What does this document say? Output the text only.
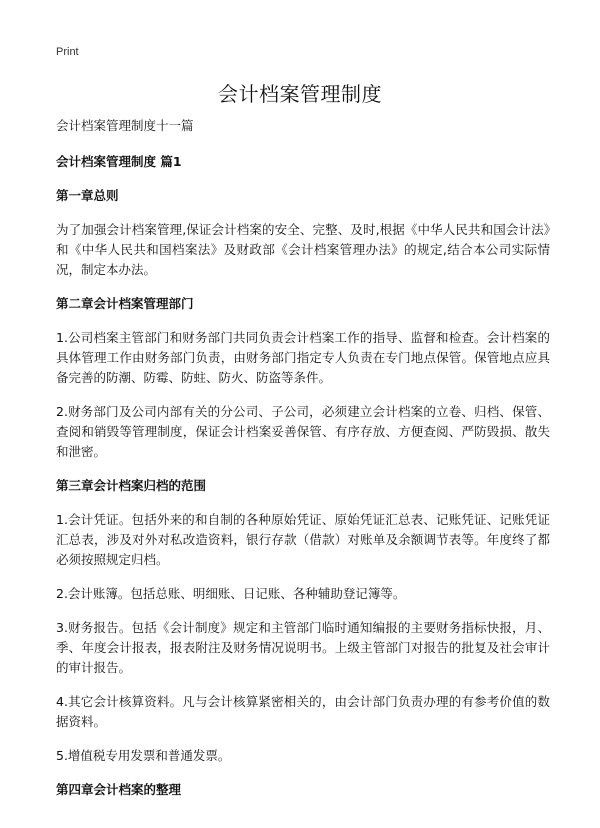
Print
会计档案管理制度

会计档案管理制度十一篇

会计档案管理制度 篇1

第一章总则

为了加强会计档案管理,保证会计档案的安全、完整、及时,根据《中华人民共和国会计法》和《中华人民共和国档案法》及财政部《会计档案管理办法》的规定,结合本公司实际情况，制定本办法。

第二章会计档案管理部门

1.公司档案主管部门和财务部门共同负责会计档案工作的指导、监督和检查。会计档案的具体管理工作由财务部门负责，由财务部门指定专人负责在专门地点保管。保管地点应具备完善的防潮、防霉、防蛀、防火、防盗等条件。

2.财务部门及公司内部有关的分公司、子公司，必须建立会计档案的立卷、归档、保管、查阅和销毁等管理制度，保证会计档案妥善保管、有序存放、方便查阅、严防毁损、散失和泄密。

第三章会计档案归档的范围

1.会计凭证。包括外来的和自制的各种原始凭证、原始凭证汇总表、记账凭证、记账凭证汇总表，涉及对外对私改造资料，银行存款（借款）对账单及余额调节表等。年度终了都必须按照规定归档。

2.会计账簿。包括总账、明细账、日记账、各种辅助登记簿等。

3.财务报告。包括《会计制度》规定和主管部门临时通知编报的主要财务指标快报，月、季、年度会计报表，报表附注及财务情况说明书。上级主管部门对报告的批复及社会审计的审计报告。

4.其它会计核算资料。凡与会计核算紧密相关的，由会计部门负责办理的有参考价值的数据资料。

5.增值税专用发票和普通发票。

第四章会计档案的整理
